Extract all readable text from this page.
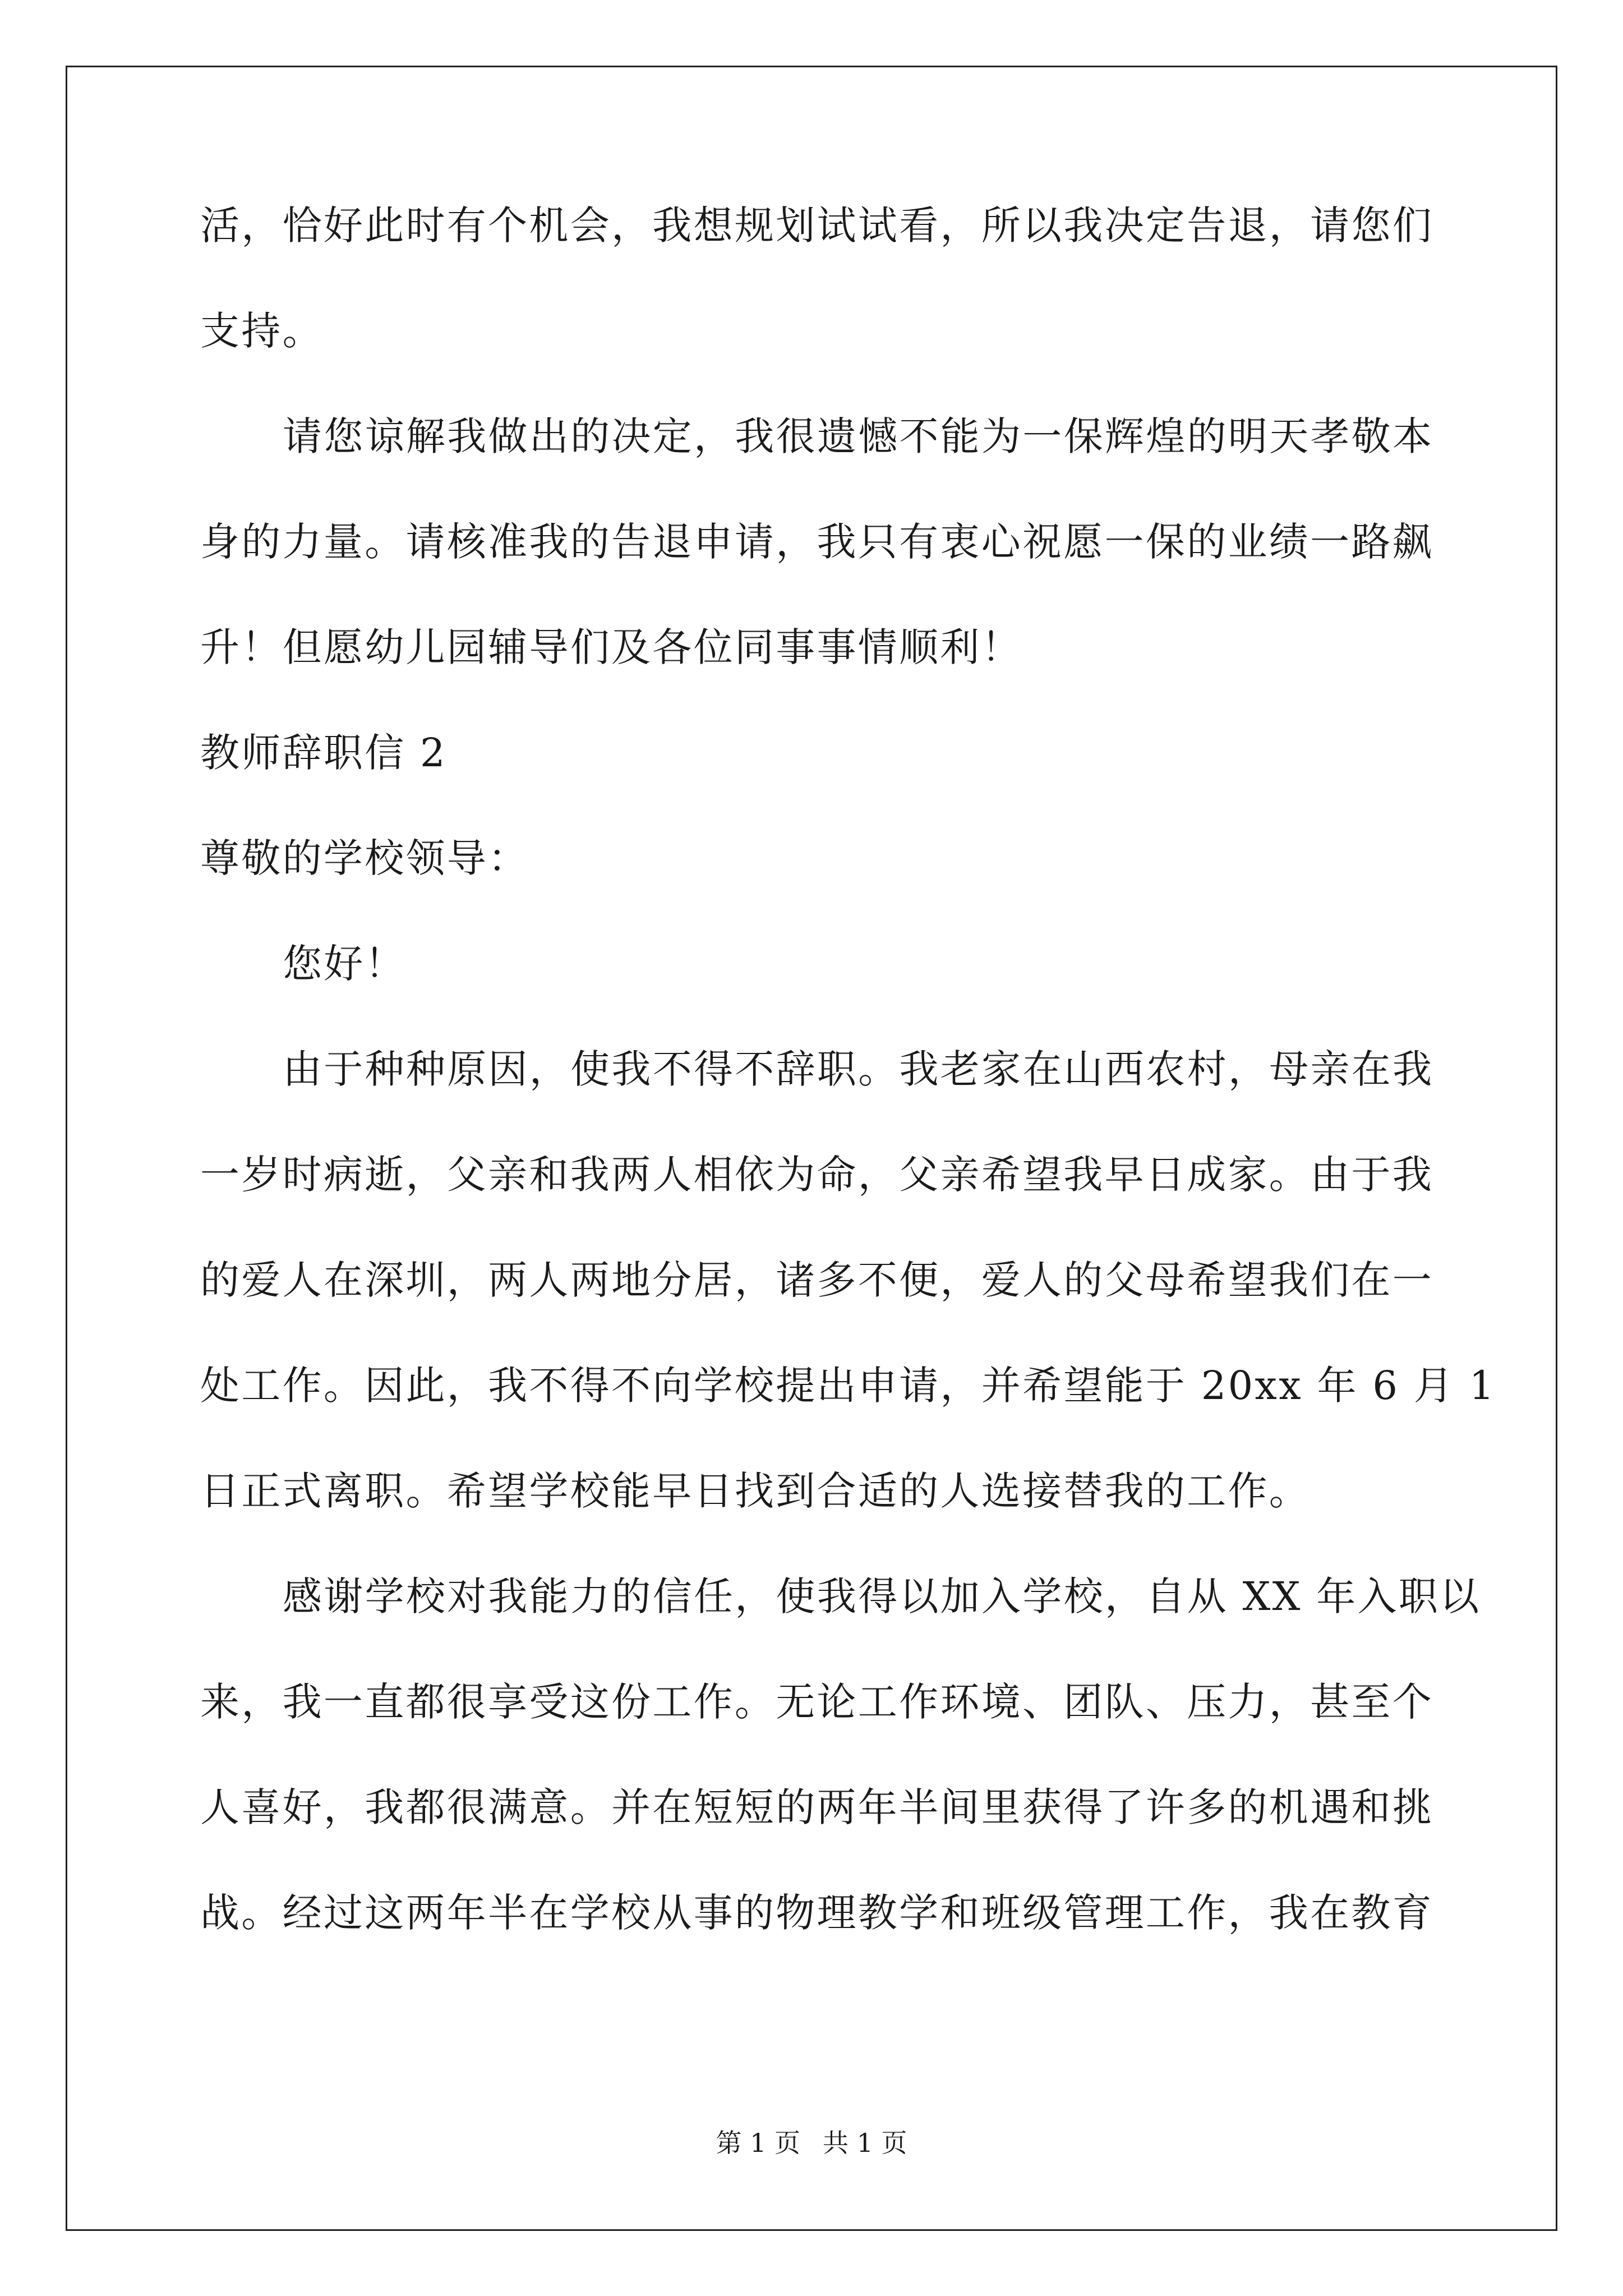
活，恰好此时有个机会，我想规划试试看，所以我决定告退，请您们
支持。
请您谅解我做出的决定，我很遗憾不能为一保辉煌的明天孝敬本
身的力量。请核准我的告退申请，我只有衷心祝愿一保的业绩一路飙
升！但愿幼儿园辅导们及各位同事事情顺利！
教师辞职信 2
尊敬的学校领导：
您好！
由于种种原因，使我不得不辞职。我老家在山西农村，母亲在我
一岁时病逝，父亲和我两人相依为命，父亲希望我早日成家。由于我
的爱人在深圳，两人两地分居，诸多不便，爱人的父母希望我们在一
处工作。因此，我不得不向学校提出申请，并希望能于 20xx 年 6 月 1
日正式离职。希望学校能早日找到合适的人选接替我的工作。
感谢学校对我能力的信任，使我得以加入学校，自从 XX 年入职以
来，我一直都很享受这份工作。无论工作环境、团队、压力，甚至个
人喜好，我都很满意。并在短短的两年半间里获得了许多的机遇和挑
战。经过这两年半在学校从事的物理教学和班级管理工作，我在教育
第 1 页 共 1 页
